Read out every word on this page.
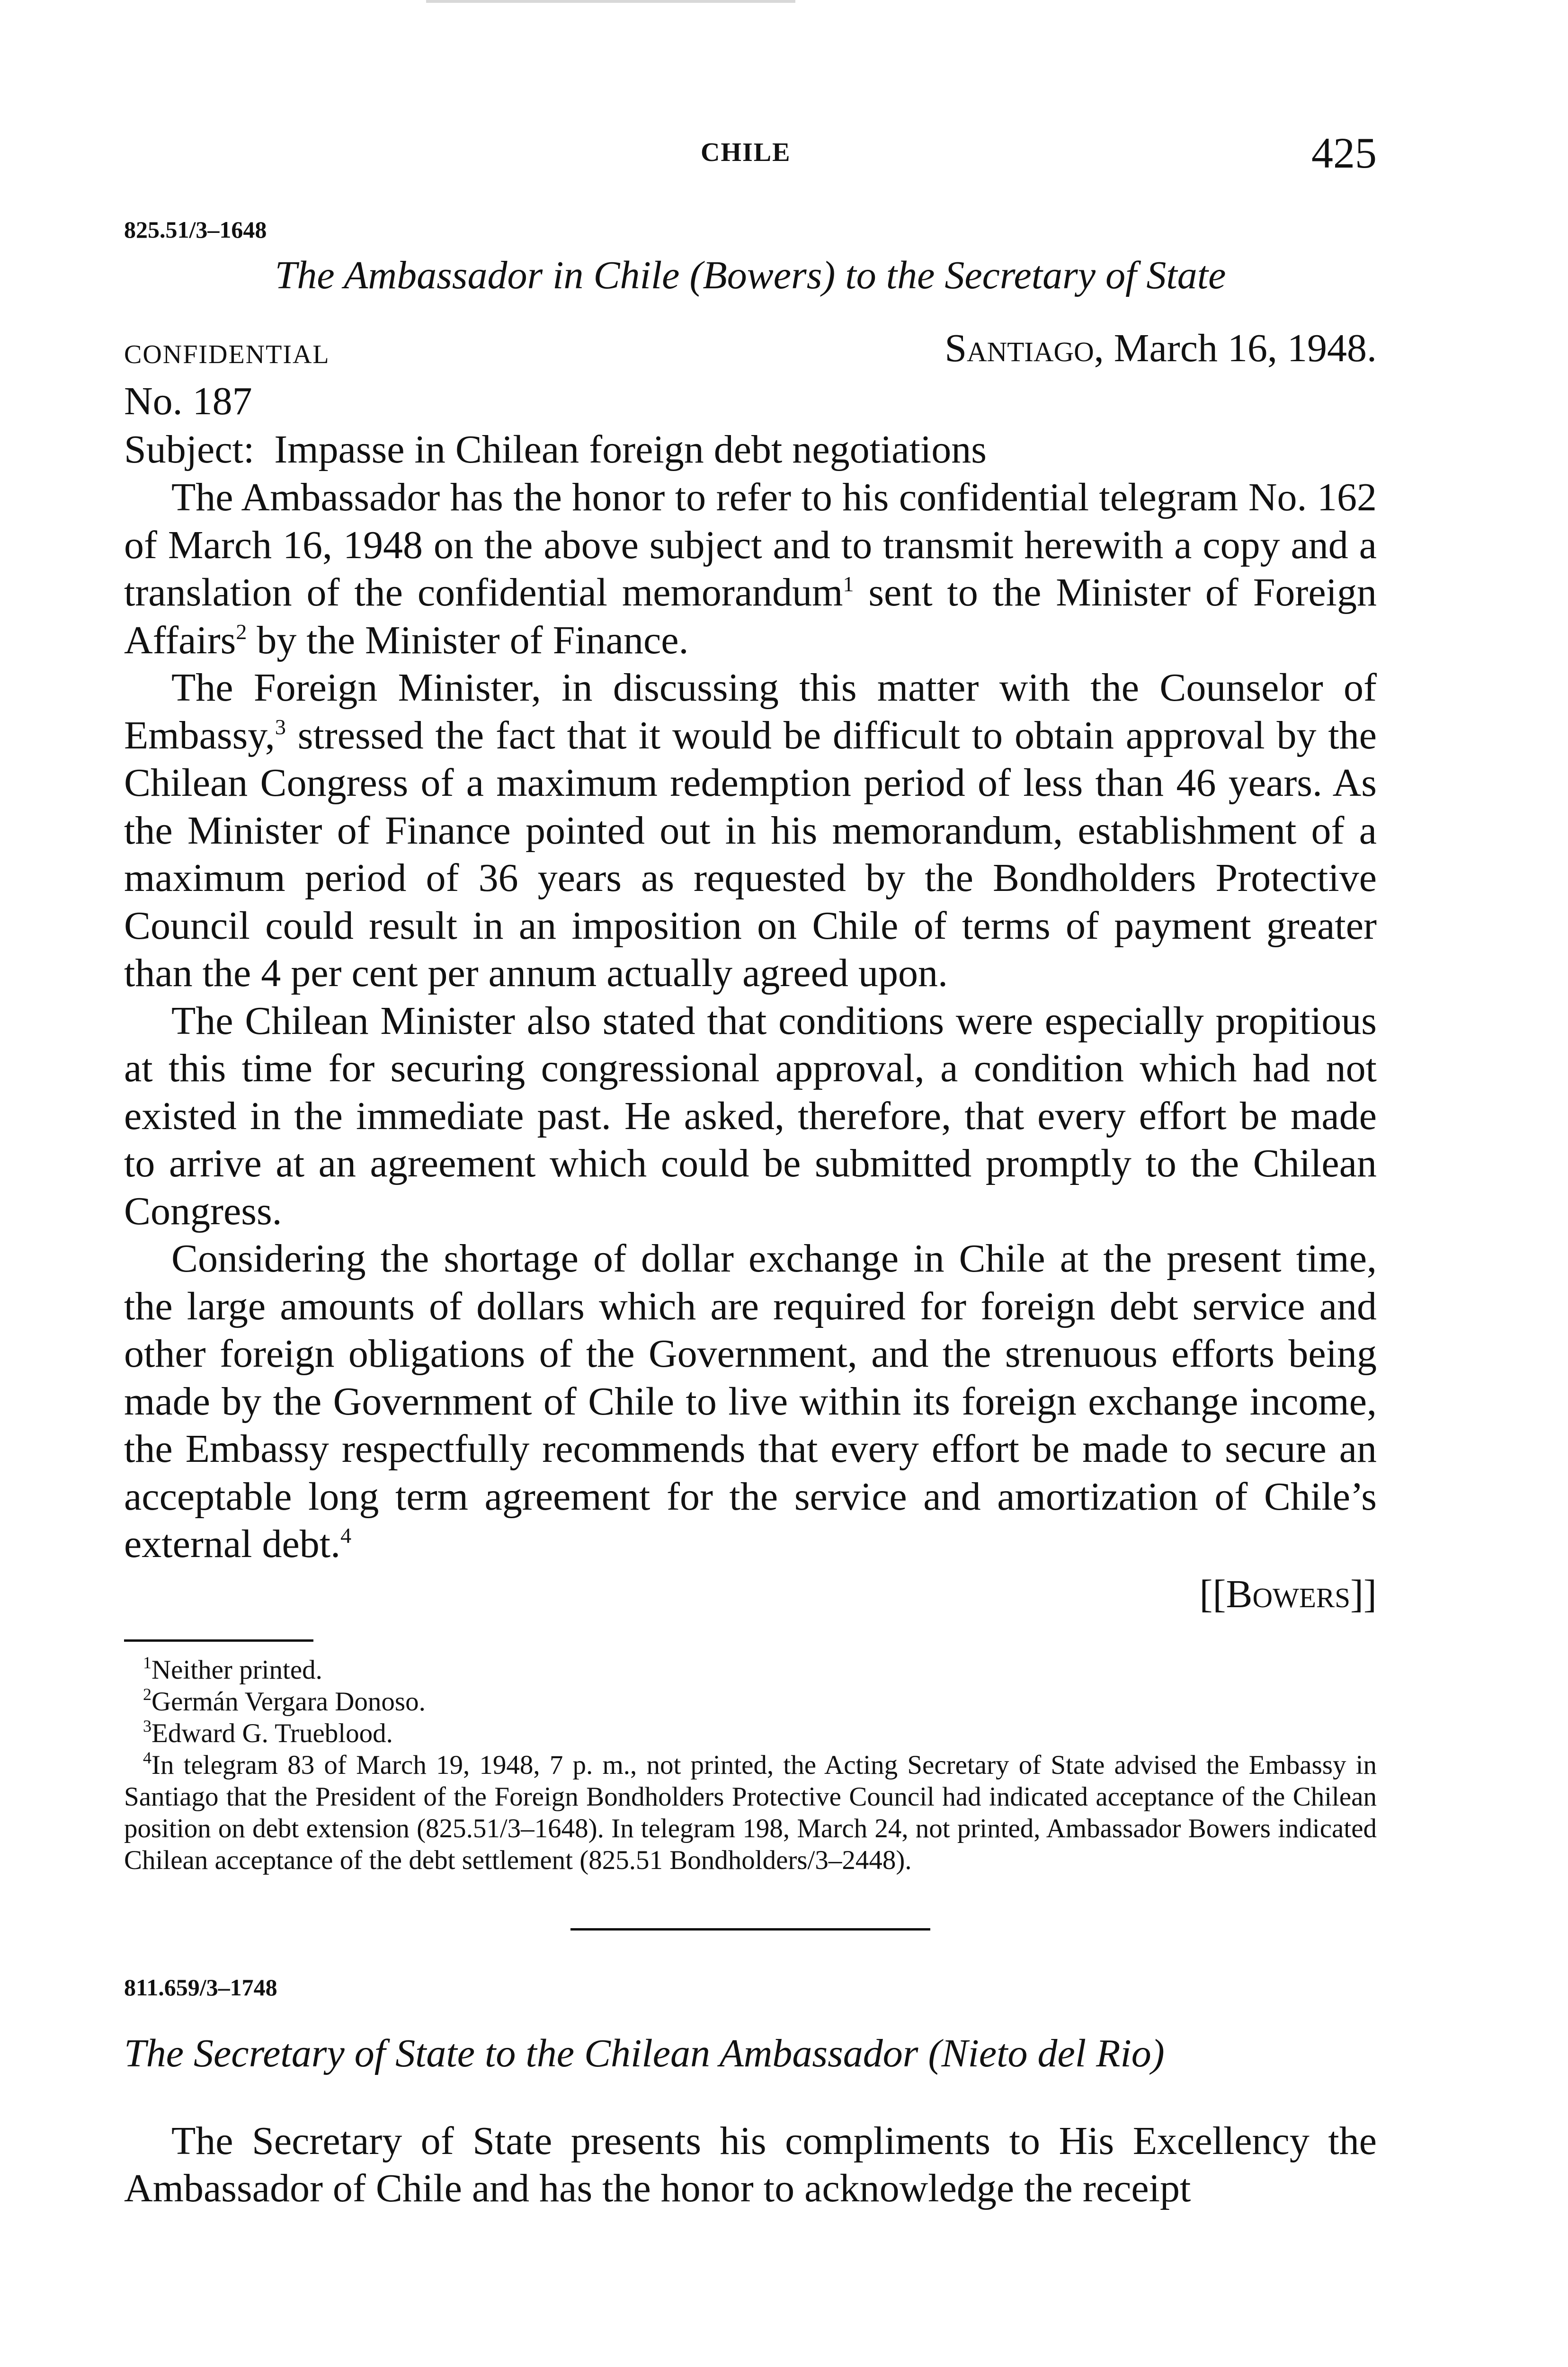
CHILE	425
825.51/3–1648
The Ambassador in Chile (Bowers) to the Secretary of State
CONFIDENTIAL	Santiago, March 16, 1948.
No. 187
Subject: Impasse in Chilean foreign debt negotiations

The Ambassador has the honor to refer to his confidential telegram No. 162 of March 16, 1948 on the above subject and to transmit herewith a copy and a translation of the confidential memorandum$^1$ sent to the Minister of Foreign Affairs$^2$ by the Minister of Finance.

The Foreign Minister, in discussing this matter with the Counselor of Embassy,$^3$ stressed the fact that it would be difficult to obtain approval by the Chilean Congress of a maximum redemption period of less than 46 years. As the Minister of Finance pointed out in his memorandum, establishment of a maximum period of 36 years as requested by the Bondholders Protective Council could result in an imposition on Chile of terms of payment greater than the 4 per cent per annum actually agreed upon.

The Chilean Minister also stated that conditions were especially propitious at this time for securing congressional approval, a condition which had not existed in the immediate past. He asked, therefore, that every effort be made to arrive at an agreement which could be submitted promptly to the Chilean Congress.

Considering the shortage of dollar exchange in Chile at the present time, the large amounts of dollars which are required for foreign debt service and other foreign obligations of the Government, and the strenuous efforts being made by the Government of Chile to live within its foreign exchange income, the Embassy respectfully recommends that every effort be made to secure an acceptable long term agreement for the service and amortization of Chile’s external debt.$^4$

[[Bowers]]

$^1$Neither printed.

$^2$Germán Vergara Donoso.

$^3$Edward G. Trueblood.

$^4$In telegram 83 of March 19, 1948, 7 p. m., not printed, the Acting Secretary of State advised the Embassy in Santiago that the President of the Foreign Bondholders Protective Council had indicated acceptance of the Chilean position on debt extension (825.51/3–1648). In telegram 198, March 24, not printed, Ambassador Bowers indicated Chilean acceptance of the debt settlement (825.51 Bondholders/3–2448).

811.659/3–1748
The Secretary of State to the Chilean Ambassador (Nieto del Rio)

The Secretary of State presents his compliments to His Excellency the Ambassador of Chile and has the honor to acknowledge the receipt
